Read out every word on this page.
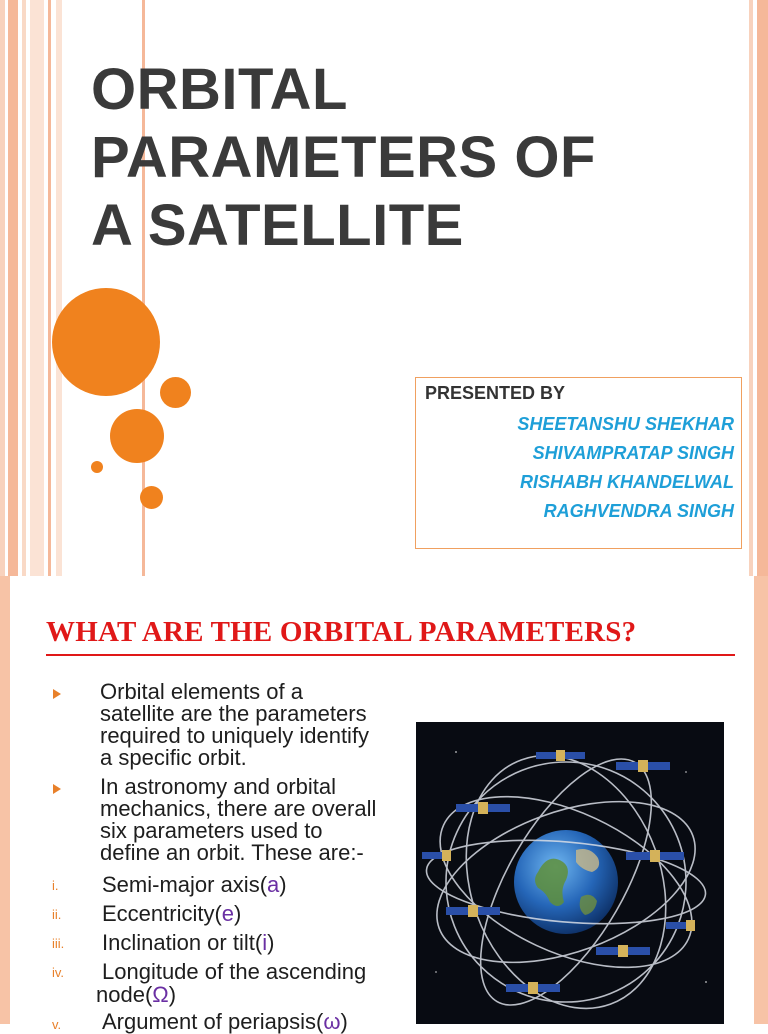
ORBITAL
PARAMETERS OF
A SATELLITE
PRESENTED BY
SHEETANSHU SHEKHAR
SHIVAMPRATAP SINGH
RISHABH KHANDELWAL
RAGHVENDRA SINGH
WHAT ARE THE ORBITAL PARAMETERS?
Orbital elements of a
satellite are the parameters
required to uniquely identify
a specific orbit.
In astronomy and orbital
mechanics, there are overall
six parameters used to
define an orbit. These are:-
i. Semi-major axis(a)
ii. Eccentricity(e)
iii. Inclination or tilt(i)
iv. Longitude of the ascending
node(Ω)
v. Argument of periapsis(ω)
